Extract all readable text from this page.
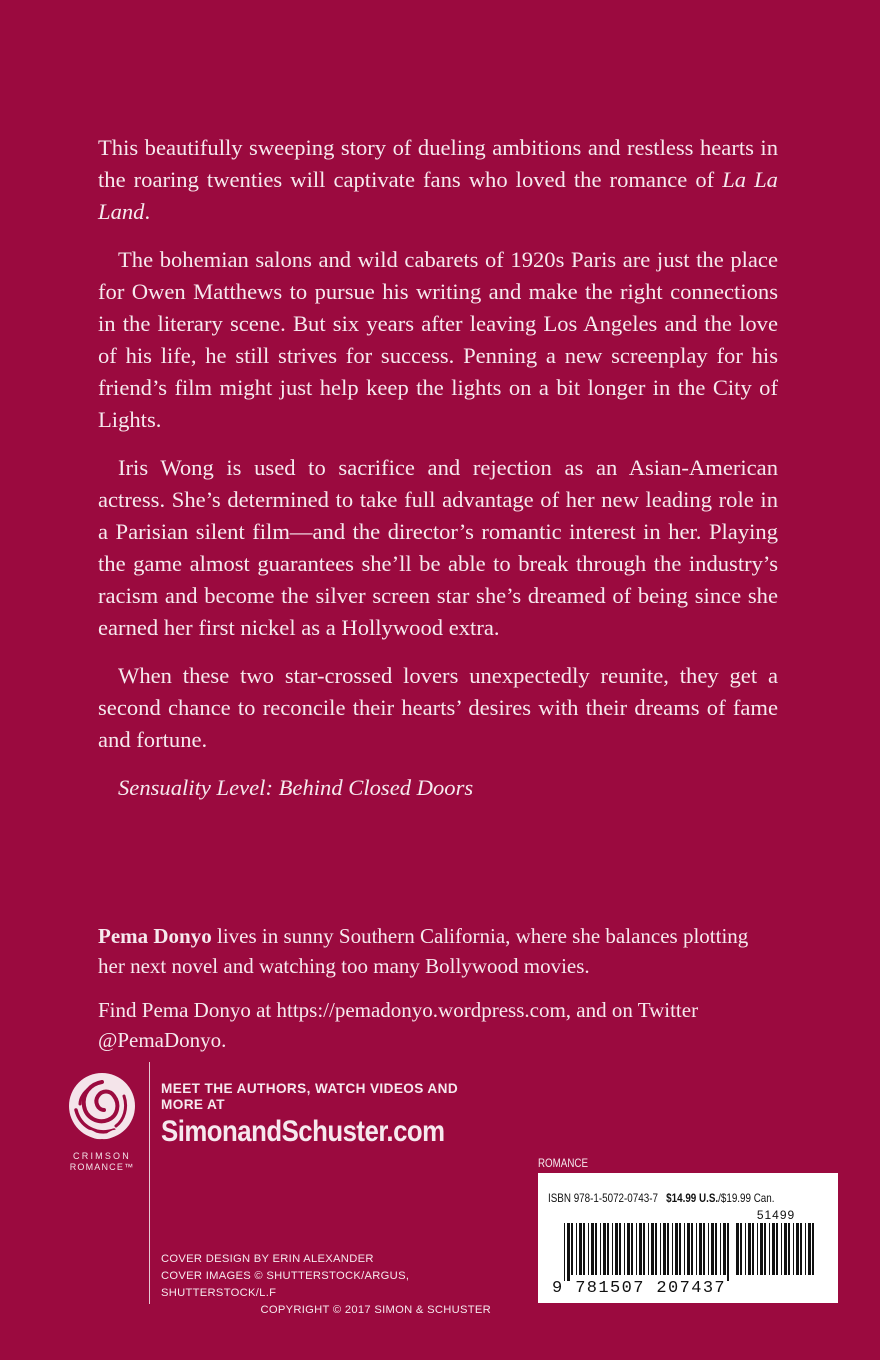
This beautifully sweeping story of dueling ambitions and restless hearts in the roaring twenties will captivate fans who loved the romance of La La Land.

The bohemian salons and wild cabarets of 1920s Paris are just the place for Owen Matthews to pursue his writing and make the right connections in the literary scene. But six years after leaving Los Angeles and the love of his life, he still strives for success. Penning a new screenplay for his friend’s film might just help keep the lights on a bit longer in the City of Lights.

Iris Wong is used to sacrifice and rejection as an Asian-American actress. She’s determined to take full advantage of her new leading role in a Parisian silent film—and the director’s romantic interest in her. Playing the game almost guarantees she’ll be able to break through the industry’s racism and become the silver screen star she’s dreamed of being since she earned her first nickel as a Hollywood extra.

When these two star-crossed lovers unexpectedly reunite, they get a second chance to reconcile their hearts’ desires with their dreams of fame and fortune.

Sensuality Level: Behind Closed Doors

Pema Donyo lives in sunny Southern California, where she balances plotting her next novel and watching too many Bollywood movies.

Find Pema Donyo at https://pemadonyo.wordpress.com, and on Twitter @PemaDonyo.

CRIMSON
ROMANCE™
MEET THE AUTHORS, WATCH VIDEOS AND MORE AT
SimonandSchuster.com
COVER DESIGN BY ERIN ALEXANDER
COVER IMAGES © SHUTTERSTOCK/ARGUS, SHUTTERSTOCK/L.F
COPYRIGHT © 2017 SIMON & SCHUSTER
ROMANCE
ISBN 978-1-5072-0743-7 $14.99 U.S./$19.99 Can.
51499
9 781507 207437
